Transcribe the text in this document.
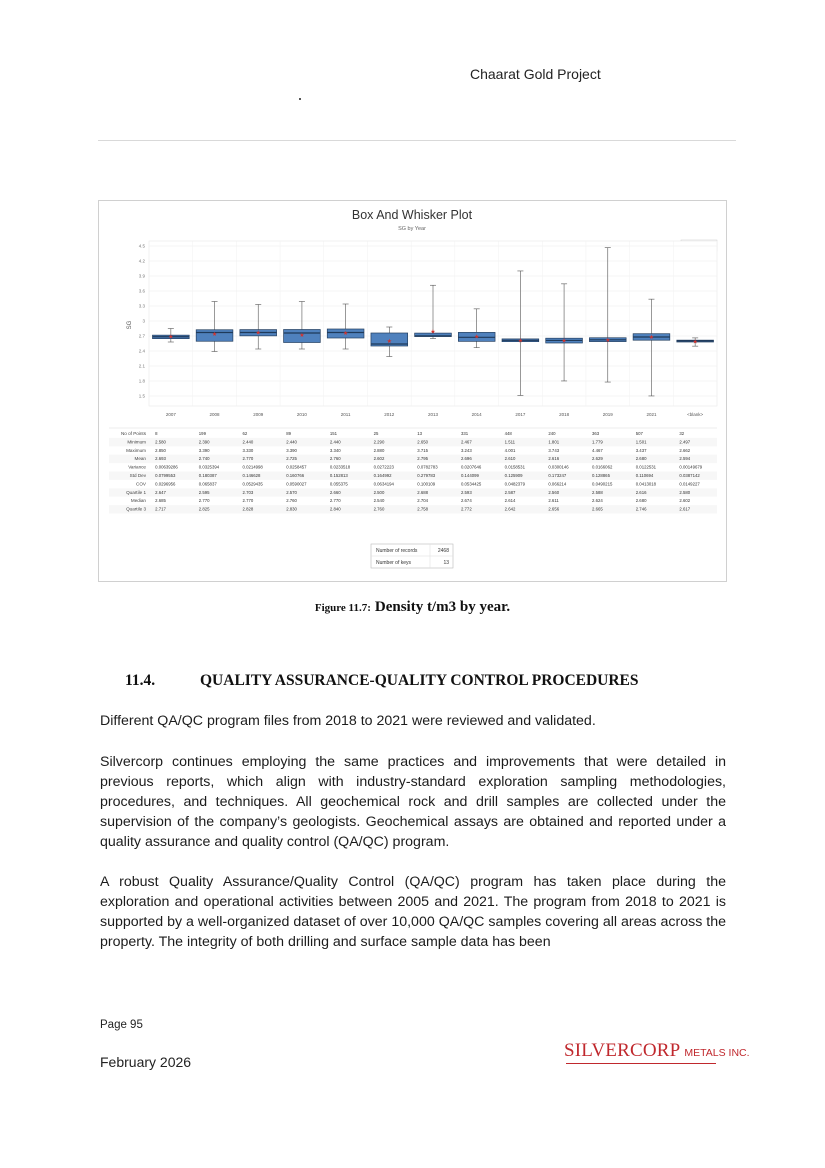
Chaarat Gold Project
Box And Whisker Plot
SG by Year
SG
4.5
4.2
3.9
3.6
3.3
3
2.7
2.4
2.1
1.8
1.5
★	★	★	★	★
★
★
★
★	★	★	★
★
2007	2008	2009	2010	2011	2012	2013	2014	2017	2018	2019	2021	<blank>
No of Points 8	199	62	89	151	25	13	331	448	240	363	507	32
Minimum 2.580	2.390	2.440	2.440	2.440	2.290	2.650	2.467	1.511	1.801	1.779	1.501	2.497
Maximum 2.850	3.390	3.330	3.390	3.340	2.880	3.715	3.243	4.001	3.743	4.467	3.437	2.662
Mean 2.693	2.740	2.770	2.725	2.760	2.602	2.795	2.696	2.610	2.616	2.629	2.680	2.594
Variance 0.00639286	0.0325394	0.0214998	0.0258457	0.0233518	0.0272223	0.0782783	0.0207646	0.0158531	0.0300146	0.0166062	0.0122531	0.00149679
Std Dev 0.0799553	0.180387	0.146628	0.160766	0.152813	0.164992	0.279783	0.144099	0.125909	0.173247	0.128865	0.110694	0.0387142
COV 0.0296956	0.065837	0.0529435	0.0590027	0.055375	0.0634194	0.100109	0.0534425	0.0482379	0.066214	0.0490215	0.0413018	0.0149227
Quartile 1 2.647	2.595	2.703	2.570	2.660	2.500	2.688	2.593	2.587	2.560	2.588	2.616	2.580
Median 2.685	2.770	2.770	2.760	2.770	2.540	2.704	2.674	2.614	2.611	2.624	2.680	2.602
Quartile 3 2.717	2.825	2.828	2.830	2.840	2.760	2.758	2.772	2.642	2.656	2.665	2.746	2.617
Number of records	2468
Number of keys	13
Figure 11.7: Density t/m3 by year.
11.4.	QUALITY ASSURANCE-QUALITY CONTROL PROCEDURES
Different QA/QC program files from 2018 to 2021 were reviewed and validated.
Silvercorp continues employing the same practices and improvements that were detailed in previous reports, which align with industry-standard exploration sampling methodologies, procedures, and techniques. All geochemical rock and drill samples are collected under the supervision of the company’s geologists. Geochemical assays are obtained and reported under a quality assurance and quality control (QA/QC) program.
A robust Quality Assurance/Quality Control (QA/QC) program has taken place during the exploration and operational activities between 2005 and 2021. The program from 2018 to 2021 is supported by a well-organized dataset of over 10,000 QA/QC samples covering all areas across the property. The integrity of both drilling and surface sample data has been
Page 95
February 2026
SILVERCORP METALS INC.
